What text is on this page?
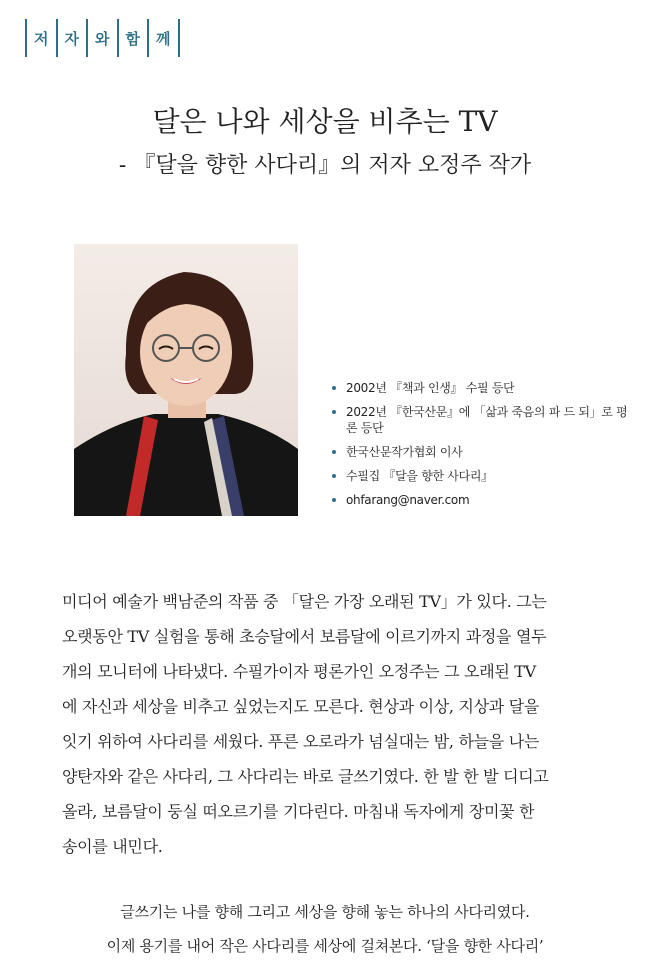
저 자 와 함 께
달은 나와 세상을 비추는 TV
- 『달을 향한 사다리』의 저자 오정주 작가
2002년 『책과 인생』 수필 등단
2022년 『한국산문』에 「삶과 죽음의 파 드 되」로 평론 등단
한국산문작가협회 이사
수필집 『달을 향한 사다리』
ohfarang@naver.com
미디어 예술가 백남준의 작품 중 「달은 가장 오래된 TV」가 있다. 그는
오랫동안 TV 실험을 통해 초승달에서 보름달에 이르기까지 과정을 열두
개의 모니터에 나타냈다. 수필가이자 평론가인 오정주는 그 오래된 TV
에 자신과 세상을 비추고 싶었는지도 모른다. 현상과 이상, 지상과 달을
잇기 위하여 사다리를 세웠다. 푸른 오로라가 넘실대는 밤, 하늘을 나는
양탄자와 같은 사다리, 그 사다리는 바로 글쓰기였다. 한 발 한 발 디디고
올라, 보름달이 둥실 떠오르기를 기다린다. 마침내 독자에게 장미꽃 한
송이를 내민다.
글쓰기는 나를 향해 그리고 세상을 향해 놓는 하나의 사다리였다.
이제 용기를 내어 작은 사다리를 세상에 걸쳐본다. ‘달을 향한 사다리’
